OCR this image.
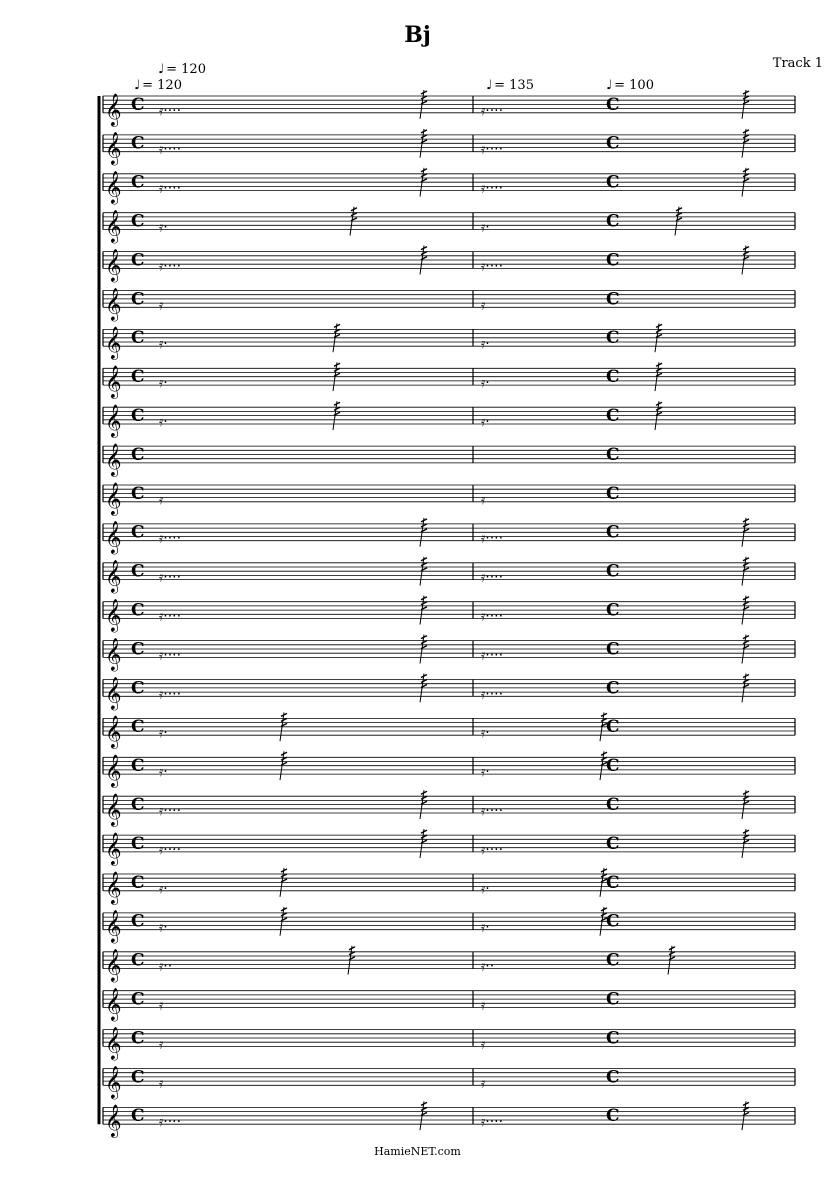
Bj
Track 1
♩ = 120
♩ = 120	♩ = 135	♩ = 100
𝄞 C	C
𝄿····	𝄿····
𝄞 C	C
𝄿····	𝄿····
𝄞 C	C
𝄿····	𝄿····
𝄞 C	C
𝄿·	𝄿·
𝄞 C	C
𝄿····	𝄿····
𝄞 C	C
𝄿	𝄿
𝄞 C	C
𝄿·	𝄿·
𝄞 C	C
𝄿·	𝄿·
𝄞 C	C
𝄿·	𝄿·
𝄞 C	C
𝄞 C	C
𝄿	𝄿
𝄞 C	C
𝄿····	𝄿····
𝄞 C	C
𝄿····	𝄿····
𝄞 C	C
𝄿····	𝄿····
𝄞 C	C
𝄿····	𝄿····
𝄞 C	C
𝄿····	𝄿····
𝄞 C	C
𝄿·	𝄿·
𝄞 C	C
𝄿·	𝄿·
𝄞 C	C
𝄿····	𝄿····
𝄞 C	C
𝄿····	𝄿····
𝄞 C	C
𝄿·	𝄿·
𝄞 C	C
𝄿·	𝄿·
𝄞 C	C
𝄿··	𝄿··
𝄞 C	C
𝄿	𝄿
𝄞 C	C
𝄿	𝄿
𝄞 C	C
𝄿	𝄿
𝄞 C	C
𝄿····	𝄿····
HamieNET.com
